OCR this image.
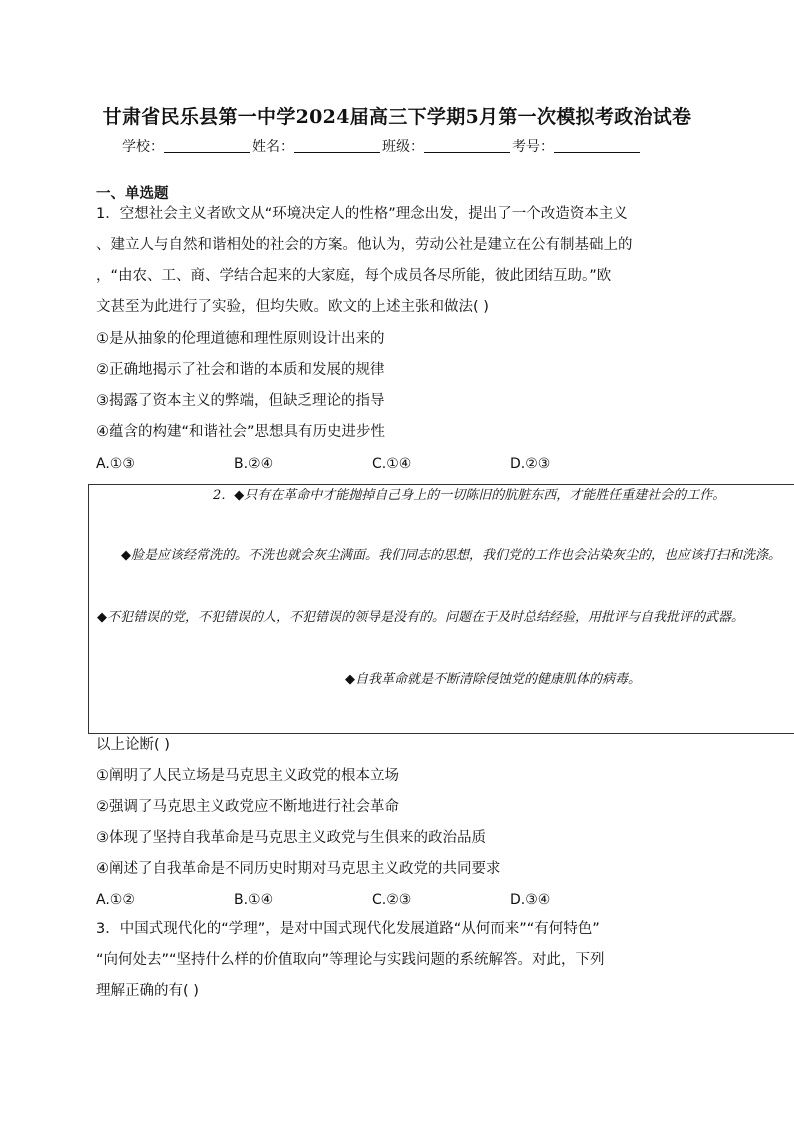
甘肃省民乐县第一中学2024届高三下学期5月第一次模拟考政治试卷
学校：	姓名：	班级：	考号：
一、单选题
1．空想社会主义者欧文从“环境决定人的性格”理念出发，提出了一个改造资本主义
、建立人与自然和谐相处的社会的方案。他认为，劳动公社是建立在公有制基础上的
，“由农、工、商、学结合起来的大家庭，每个成员各尽所能，彼此团结互助。”欧
文甚至为此进行了实验，但均失败。欧文的上述主张和做法( )
①是从抽象的伦理道德和理性原则设计出来的
②正确地揭示了社会和谐的本质和发展的规律
③揭露了资本主义的弊端，但缺乏理论的指导
④蕴含的构建“和谐社会”思想具有历史进步性
A.①③	B.②④	C.①④	D.②③
2．◆只有在革命中才能抛掉自己身上的一切陈旧的肮脏东西，才能胜任重建社会的工作。
◆脸是应该经常洗的。不洗也就会灰尘满面。我们同志的思想，我们党的工作也会沾染灰尘的，也应该打扫和洗涤。
◆不犯错误的党，不犯错误的人，不犯错误的领导是没有的。问题在于及时总结经验，用批评与自我批评的武器。
◆自我革命就是不断清除侵蚀党的健康肌体的病毒。
以上论断( )
①阐明了人民立场是马克思主义政党的根本立场
②强调了马克思主义政党应不断地进行社会革命
③体现了坚持自我革命是马克思主义政党与生俱来的政治品质
④阐述了自我革命是不同历史时期对马克思主义政党的共同要求
A.①②	B.①④	C.②③	D.③④
3．中国式现代化的“学理”，是对中国式现代化发展道路“从何而来”“有何特色”
“向何处去”“坚持什么样的价值取向”等理论与实践问题的系统解答。对此，下列
理解正确的有( )
